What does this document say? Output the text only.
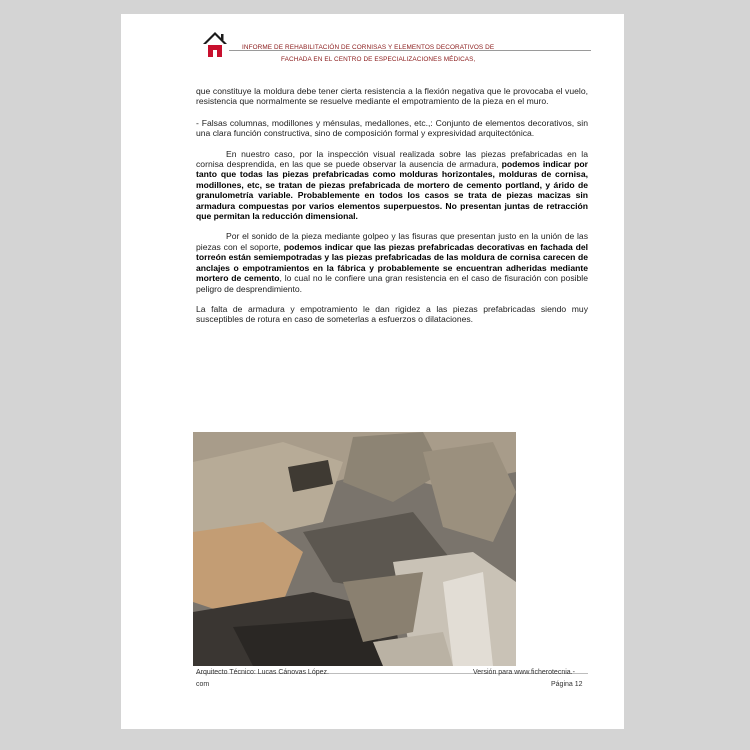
INFORME DE REHABILITACIÓN DE CORNISAS Y ELEMENTOS DECORATIVOS DE
FACHADA EN EL CENTRO DE ESPECIALIZACIONES MÉDICAS,

que constituye la moldura debe tener cierta resistencia a la flexión negativa que le provocaba el vuelo, resistencia que normalmente se resuelve mediante el empotramiento de la pieza en el muro.

- Falsas columnas, modillones y ménsulas, medallones, etc.,: Conjunto de elementos decorativos, sin una clara función constructiva, sino de composición formal y expresividad arquitectónica.

En nuestro caso, por la inspección visual realizada sobre las piezas prefabricadas en la cornisa desprendida, en las que se puede observar la ausencia de armadura, podemos indicar por tanto que todas las piezas prefabricadas como molduras horizontales, molduras de cornisa, modillones, etc, se tratan de piezas prefabricada de mortero de cemento portland, y árido de granulometría variable. Probablemente en todos los casos se trata de piezas macizas sin armadura compuestas por varios elementos superpuestos. No presentan juntas de retracción que permitan la reducción dimensional.

Por el sonido de la pieza mediante golpeo y las fisuras que presentan justo en la unión de las piezas con el soporte, podemos indicar que las piezas prefabricadas decorativas en fachada del torreón están semiempotradas y las piezas prefabricadas de las moldura de cornisa carecen de anclajes o empotramientos en la fábrica y probablemente se encuentran adheridas mediante mortero de cemento, lo cual no le confiere una gran resistencia en el caso de fisuración con posible peligro de desprendimiento.

La falta de armadura y empotramiento le dan rigidez a las piezas prefabricadas siendo muy susceptibles de rotura en caso de someterlas a esfuerzos o dilataciones.

Arquitecto Técnico: Lucas Cánovas López.
com
Versión para www.ficherotecnia.-
Página 12
